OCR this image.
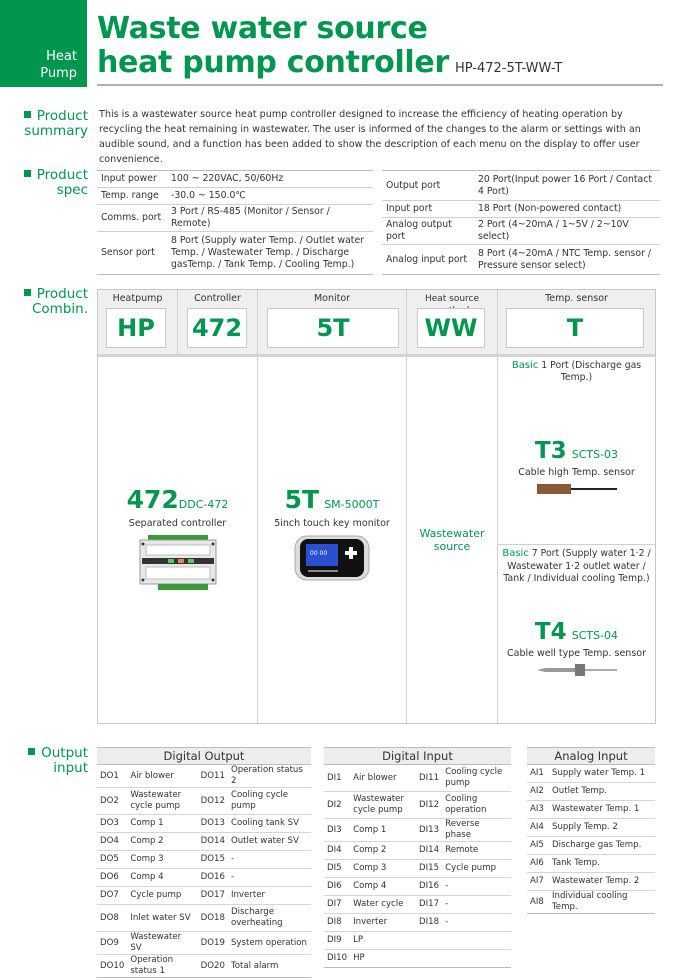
Heat
Pump
Waste water source
heat pump controller HP-472-5T-WW-T
Product
summary
This is a wastewater source heat pump controller designed to increase the efficiency of heating operation by recycling the heat remaining in wastewater. The user is informed of the changes to the alarm or settings with an audible sound, and a function has been added to show the description of each menu on the display to offer user convenience.
Product
spec
Input power	100 ~ 220VAC, 50/60Hz
Temp. range	-30.0 ~ 150.0℃
Comms. port	3 Port / RS-485 (Monitor / Sensor / Remote)
Sensor port	8 Port (Supply water Temp. / Outlet water Temp. / Wastewater Temp. / Discharge gasTemp. / Tank Temp. / Cooling Temp.)
Output port	20 Port(Input power 16 Port / Contact 4 Port)
Input port	18 Port (Non-powered contact)
Analog output port	2 Port (4~20mA / 1~5V / 2~10V select)
Analog input port	8 Port (4~20mA / NTC Temp. sensor / Pressure sensor select)
Product
Combin.
Heatpump
HP
Controller
472
Monitor
5T
Heat source
WW
Temp. sensor
T
472DDC-472
Separated controller
5T SM-5000T
5inch touch key monitor
00 00
Wastewater
source
Basic 1 Port (Discharge gas Temp.)
T3 SCTS-03
Cable high Temp. sensor
Basic 7 Port (Supply water 1·2 / Wastewater 1·2 outlet water / Tank / Individual cooling Temp.)
T4 SCTS-04
Cable well type Temp. sensor
Output
input
Digital Output			
DO1	Air blower	DO11	Operation status 2
DO2	Wastewater cycle pump	DO12	Cooling cycle pump
DO3	Comp 1	DO13	Cooling tank SV
DO4	Comp 2	DO14	Outlet water SV
DO5	Comp 3	DO15	-
DO6	Comp 4	DO16	-
DO7	Cycle pump	DO17	Inverter
DO8	Inlet water SV	DO18	Discharge overheating
DO9	Wastewater SV	DO19	System operation
DO10	Operation status 1	DO20	Total alarm
Digital Input			
DI1	Air blower	DI11	Cooling cycle pump
DI2	Wastewater cycle pump	DI12	Cooling operation
DI3	Comp 1	DI13	Reverse phase
DI4	Comp 2	DI14	Remote
DI5	Comp 3	DI15	Cycle pump
DI6	Comp 4	DI16	-
DI7	Water cycle	DI17	-
DI8	Inverter	DI18	-
DI9	LP		
DI10	HP		
Analog Input	
AI1	Supply water Temp. 1
AI2	Outlet Temp.
AI3	Wastewater Temp. 1
AI4	Supply Temp. 2
AI5	Discharge gas Temp.
AI6	Tank Temp.
AI7	Wastewater Temp. 2
AI8	Individual cooling Temp.
